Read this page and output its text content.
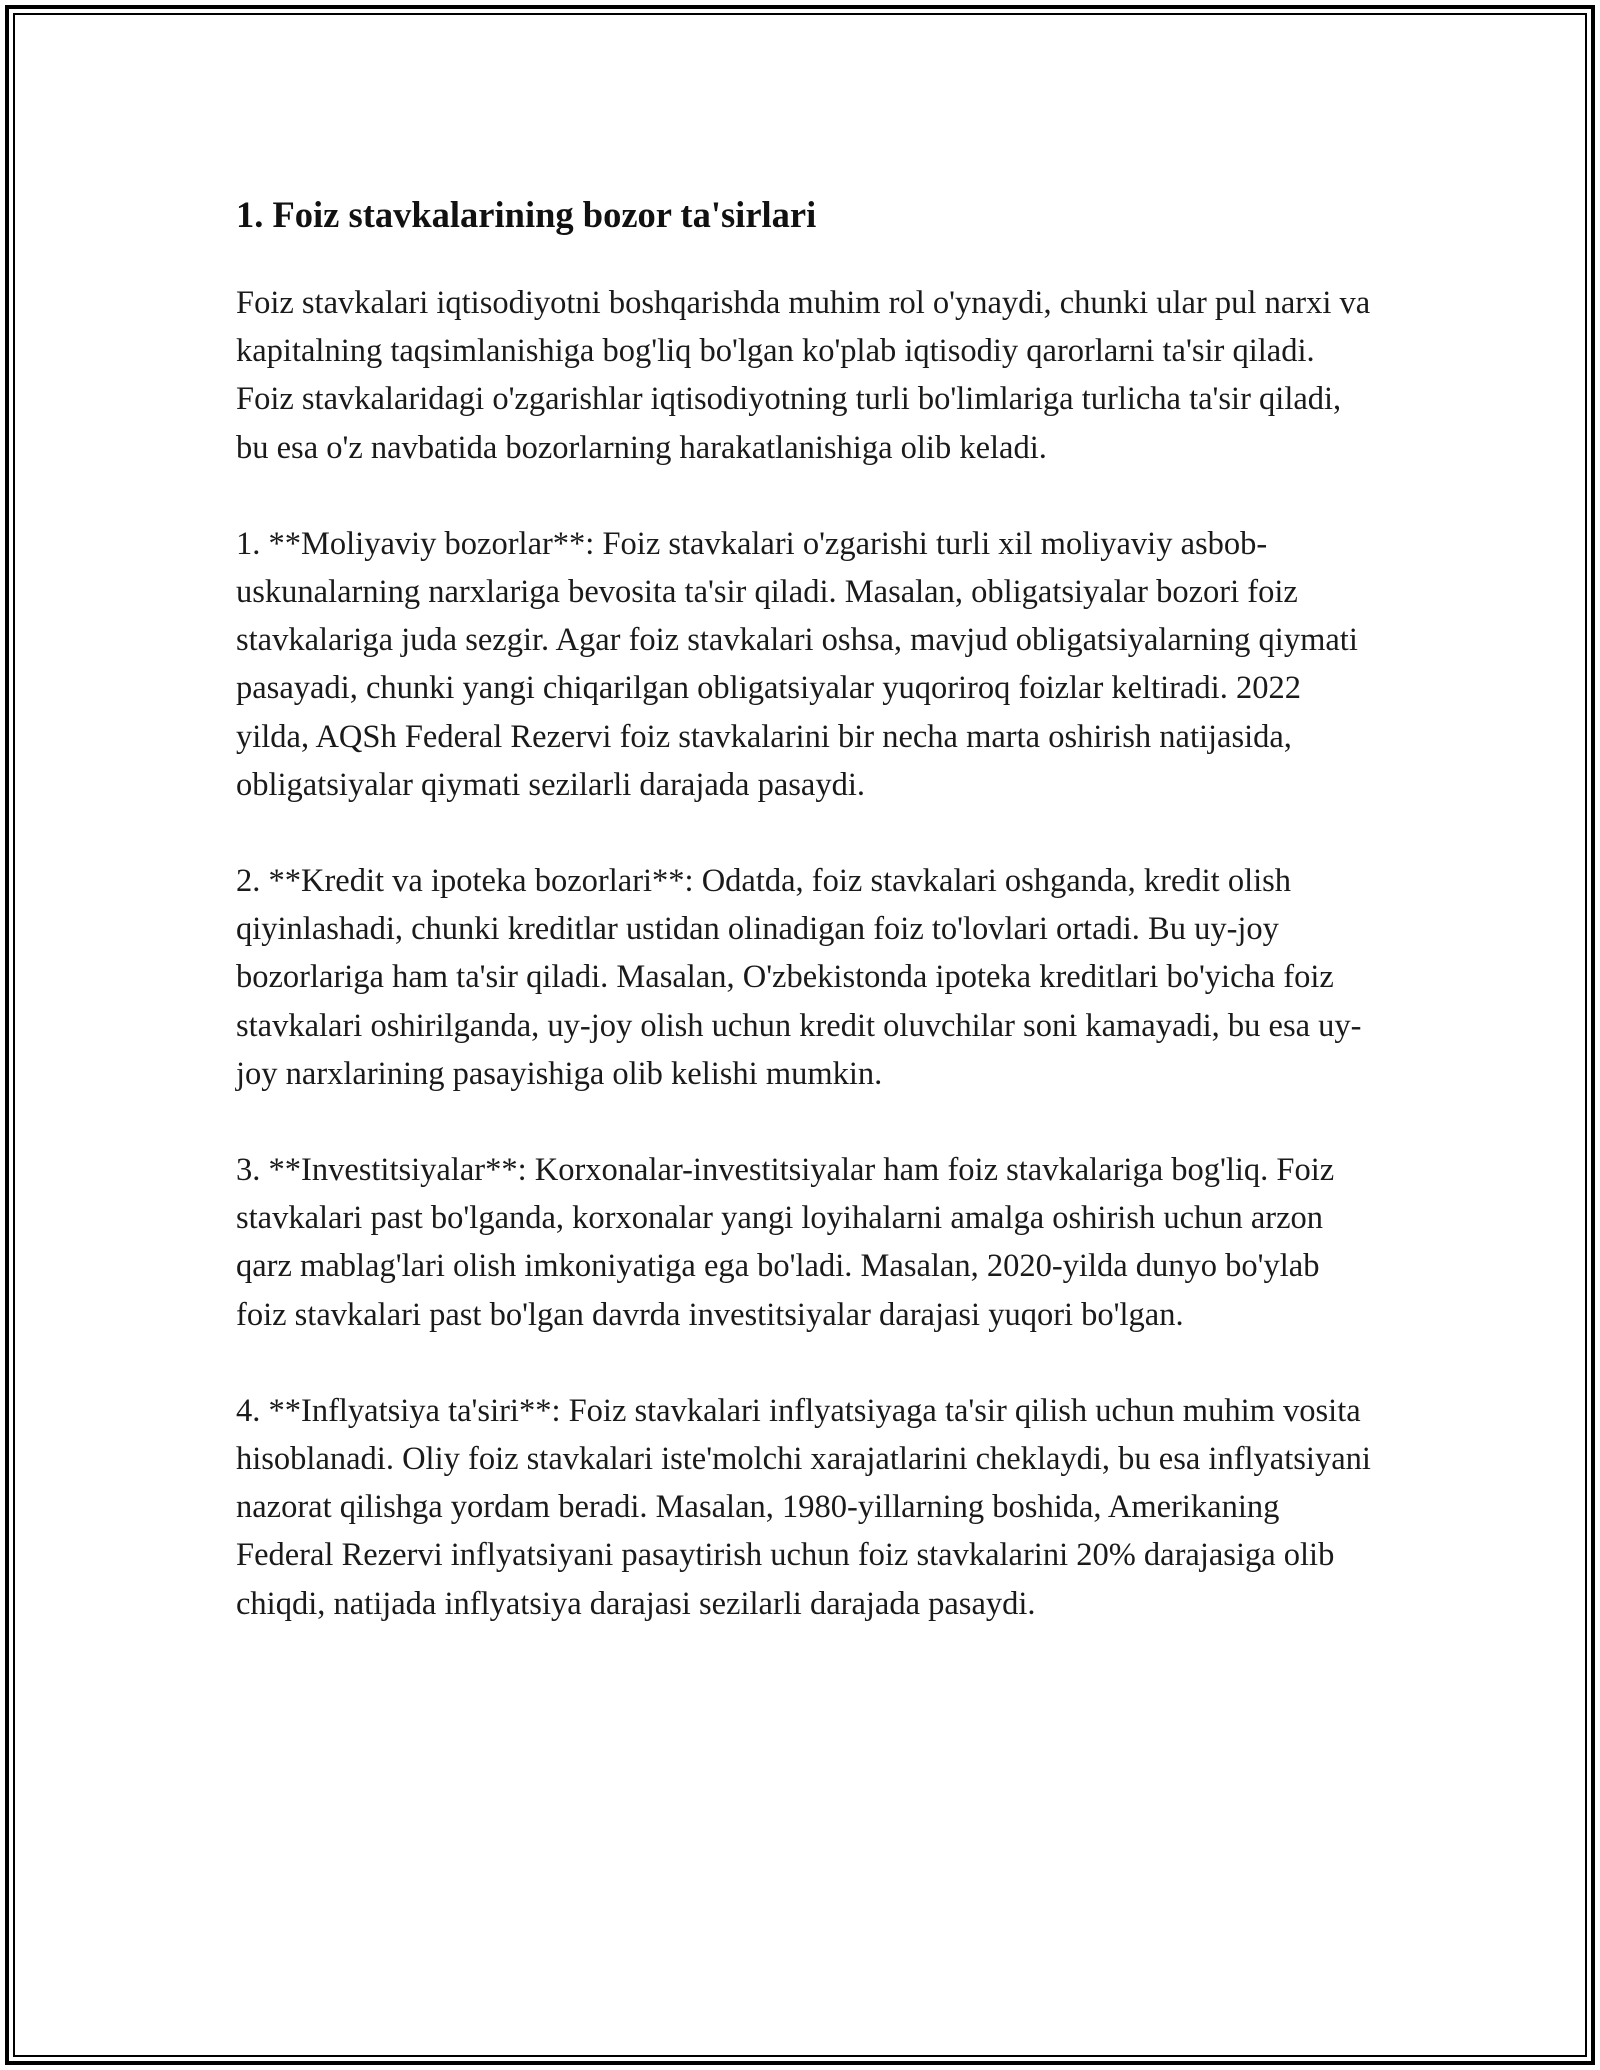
1. Foiz stavkalarining bozor ta'sirlari

Foiz stavkalari iqtisodiyotni boshqarishda muhim rol o'ynaydi, chunki ular pul narxi va kapitalning taqsimlanishiga bog'liq bo'lgan ko'plab iqtisodiy qarorlarni ta'sir qiladi. Foiz stavkalaridagi o'zgarishlar iqtisodiyotning turli bo'limlariga turlicha ta'sir qiladi, bu esa o'z navbatida bozorlarning harakatlanishiga olib keladi.

1. **Moliyaviy bozorlar**: Foiz stavkalari o'zgarishi turli xil moliyaviy asbob-uskunalarning narxlariga bevosita ta'sir qiladi. Masalan, obligatsiyalar bozori foiz stavkalariga juda sezgir. Agar foiz stavkalari oshsa, mavjud obligatsiyalarning qiymati pasayadi, chunki yangi chiqarilgan obligatsiyalar yuqoriroq foizlar keltiradi. 2022 yilda, AQSh Federal Rezervi foiz stavkalarini bir necha marta oshirish natijasida, obligatsiyalar qiymati sezilarli darajada pasaydi.

2. **Kredit va ipoteka bozorlari**: Odatda, foiz stavkalari oshganda, kredit olish qiyinlashadi, chunki kreditlar ustidan olinadigan foiz to'lovlari ortadi. Bu uy-joy bozorlariga ham ta'sir qiladi. Masalan, O'zbekistonda ipoteka kreditlari bo'yicha foiz stavkalari oshirilganda, uy-joy olish uchun kredit oluvchilar soni kamayadi, bu esa uy-joy narxlarining pasayishiga olib kelishi mumkin.

3. **Investitsiyalar**: Korxonalar-investitsiyalar ham foiz stavkalariga bog'liq. Foiz stavkalari past bo'lganda, korxonalar yangi loyihalarni amalga oshirish uchun arzon qarz mablag'lari olish imkoniyatiga ega bo'ladi. Masalan, 2020-yilda dunyo bo'ylab foiz stavkalari past bo'lgan davrda investitsiyalar darajasi yuqori bo'lgan.

4. **Inflyatsiya ta'siri**: Foiz stavkalari inflyatsiyaga ta'sir qilish uchun muhim vosita hisoblanadi. Oliy foiz stavkalari iste'molchi xarajatlarini cheklaydi, bu esa inflyatsiyani nazorat qilishga yordam beradi. Masalan, 1980-yillarning boshida, Amerikaning Federal Rezervi inflyatsiyani pasaytirish uchun foiz stavkalarini 20% darajasiga olib chiqdi, natijada inflyatsiya darajasi sezilarli darajada pasaydi.
